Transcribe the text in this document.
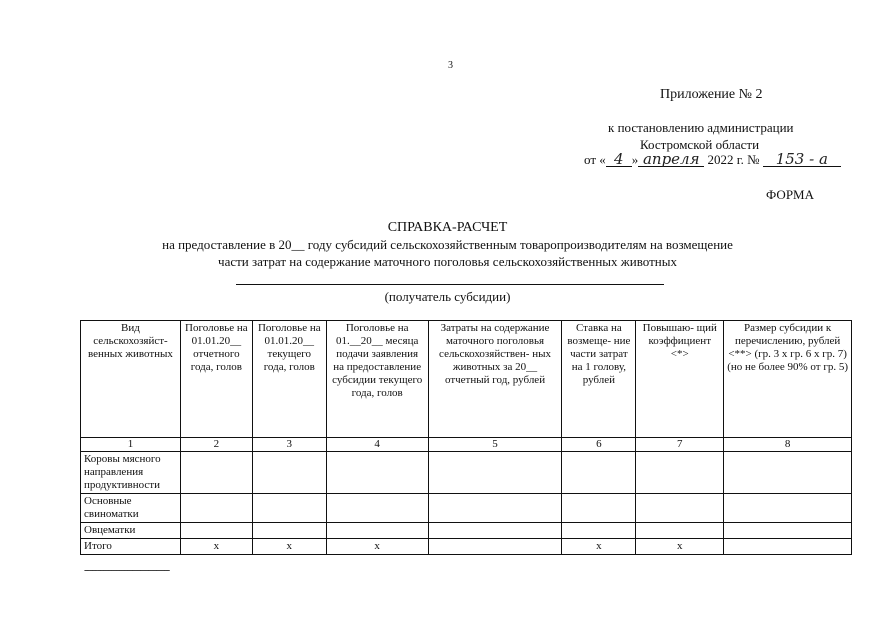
3
Приложение № 2
к постановлению администрации
Костромской области
от « 4 » апреля 2022 г. № 153 - а
ФОРМА
СПРАВКА-РАСЧЕТ
на предоставление в 20__ году субсидий сельскохозяйственным товаропроизводителям на возмещение
части затрат на содержание маточного поголовья сельскохозяйственных животных
(получатель субсидии)
Вид сельскохозяйст- венных животных	Поголовье на 01.01.20__ отчетного года, голов	Поголовье на 01.01.20__ текущего года, голов	Поголовье на 01.__20__ месяца подачи заявления на предоставление субсидии текущего года, голов	Затраты на содержание маточного поголовья сельскохозяйствен- ных животных за 20__ отчетный год, рублей	Ставка на возмеще- ние части затрат на 1 голову, рублей	Повышаю- щий коэффициент <*>	Размер субсидии к перечислению, рублей <**> (гр. 3 x гр. 6 x гр. 7) (но не более 90% от гр. 5)
1	2	3	4	5	6	7	8
Коровы мясного направления продуктивности							
Основные свиноматки							
Овцематки							
Итого	x	x	x		x	x	
--------------------------------
